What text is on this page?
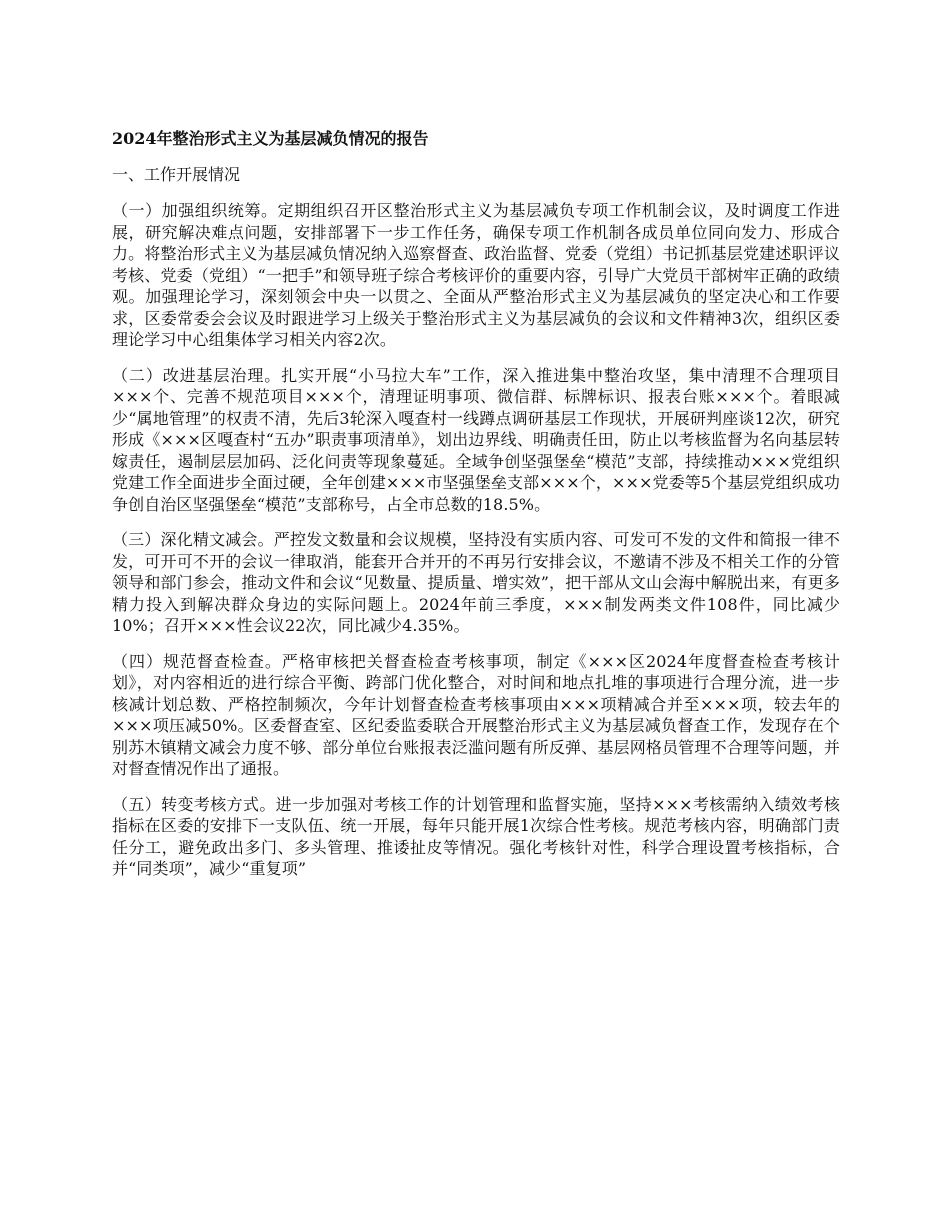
2024年整治形式主义为基层减负情况的报告
一、工作开展情况

（一）加强组织统筹。定期组织召开区整治形式主义为基层减负专项工作机制会议，及时调度工作进展，研究解决难点问题，安排部署下一步工作任务，确保专项工作机制各成员单位同向发力、形成合力。将整治形式主义为基层减负情况纳入巡察督查、政治监督、党委（党组）书记抓基层党建述职评议考核、党委（党组）“一把手”和领导班子综合考核评价的重要内容，引导广大党员干部树牢正确的政绩观。加强理论学习，深刻领会中央一以贯之、全面从严整治形式主义为基层减负的坚定决心和工作要求，区委常委会会议及时跟进学习上级关于整治形式主义为基层减负的会议和文件精神3次，组织区委理论学习中心组集体学习相关内容2次。

（二）改进基层治理。扎实开展“小马拉大车”工作，深入推进集中整治攻坚，集中清理不合理项目×××个、完善不规范项目×××个，清理证明事项、微信群、标牌标识、报表台账×××个。着眼减少“属地管理”的权责不清，先后3轮深入嘎查村一线蹲点调研基层工作现状，开展研判座谈12次，研究形成《×××区嘎查村“五办”职责事项清单》，划出边界线、明确责任田，防止以考核监督为名向基层转嫁责任，遏制层层加码、泛化问责等现象蔓延。全域争创坚强堡垒“模范”支部，持续推动×××党组织党建工作全面进步全面过硬，全年创建×××市坚强堡垒支部×××个，×××党委等5个基层党组织成功争创自治区坚强堡垒“模范”支部称号，占全市总数的18.5%。

（三）深化精文减会。严控发文数量和会议规模，坚持没有实质内容、可发可不发的文件和简报一律不发，可开可不开的会议一律取消，能套开合并开的不再另行安排会议，不邀请不涉及不相关工作的分管领导和部门参会，推动文件和会议“见数量、提质量、增实效”，把干部从文山会海中解脱出来，有更多精力投入到解决群众身边的实际问题上。2024年前三季度，×××制发两类文件108件，同比减少10%；召开×××性会议22次，同比减少4.35%。

（四）规范督查检查。严格审核把关督查检查考核事项，制定《×××区2024年度督查检查考核计划》，对内容相近的进行综合平衡、跨部门优化整合，对时间和地点扎堆的事项进行合理分流，进一步核减计划总数、严格控制频次，今年计划督查检查考核事项由×××项精减合并至×××项，较去年的×××项压减50%。区委督查室、区纪委监委联合开展整治形式主义为基层减负督查工作，发现存在个别苏木镇精文减会力度不够、部分单位台账报表泛滥问题有所反弹、基层网格员管理不合理等问题，并对督查情况作出了通报。

（五）转变考核方式。进一步加强对考核工作的计划管理和监督实施，坚持×××考核需纳入绩效考核指标在区委的安排下一支队伍、统一开展，每年只能开展1次综合性考核。规范考核内容，明确部门责任分工，避免政出多门、多头管理、推诿扯皮等情况。强化考核针对性，科学合理设置考核指标，合并“同类项”，减少“重复项”
